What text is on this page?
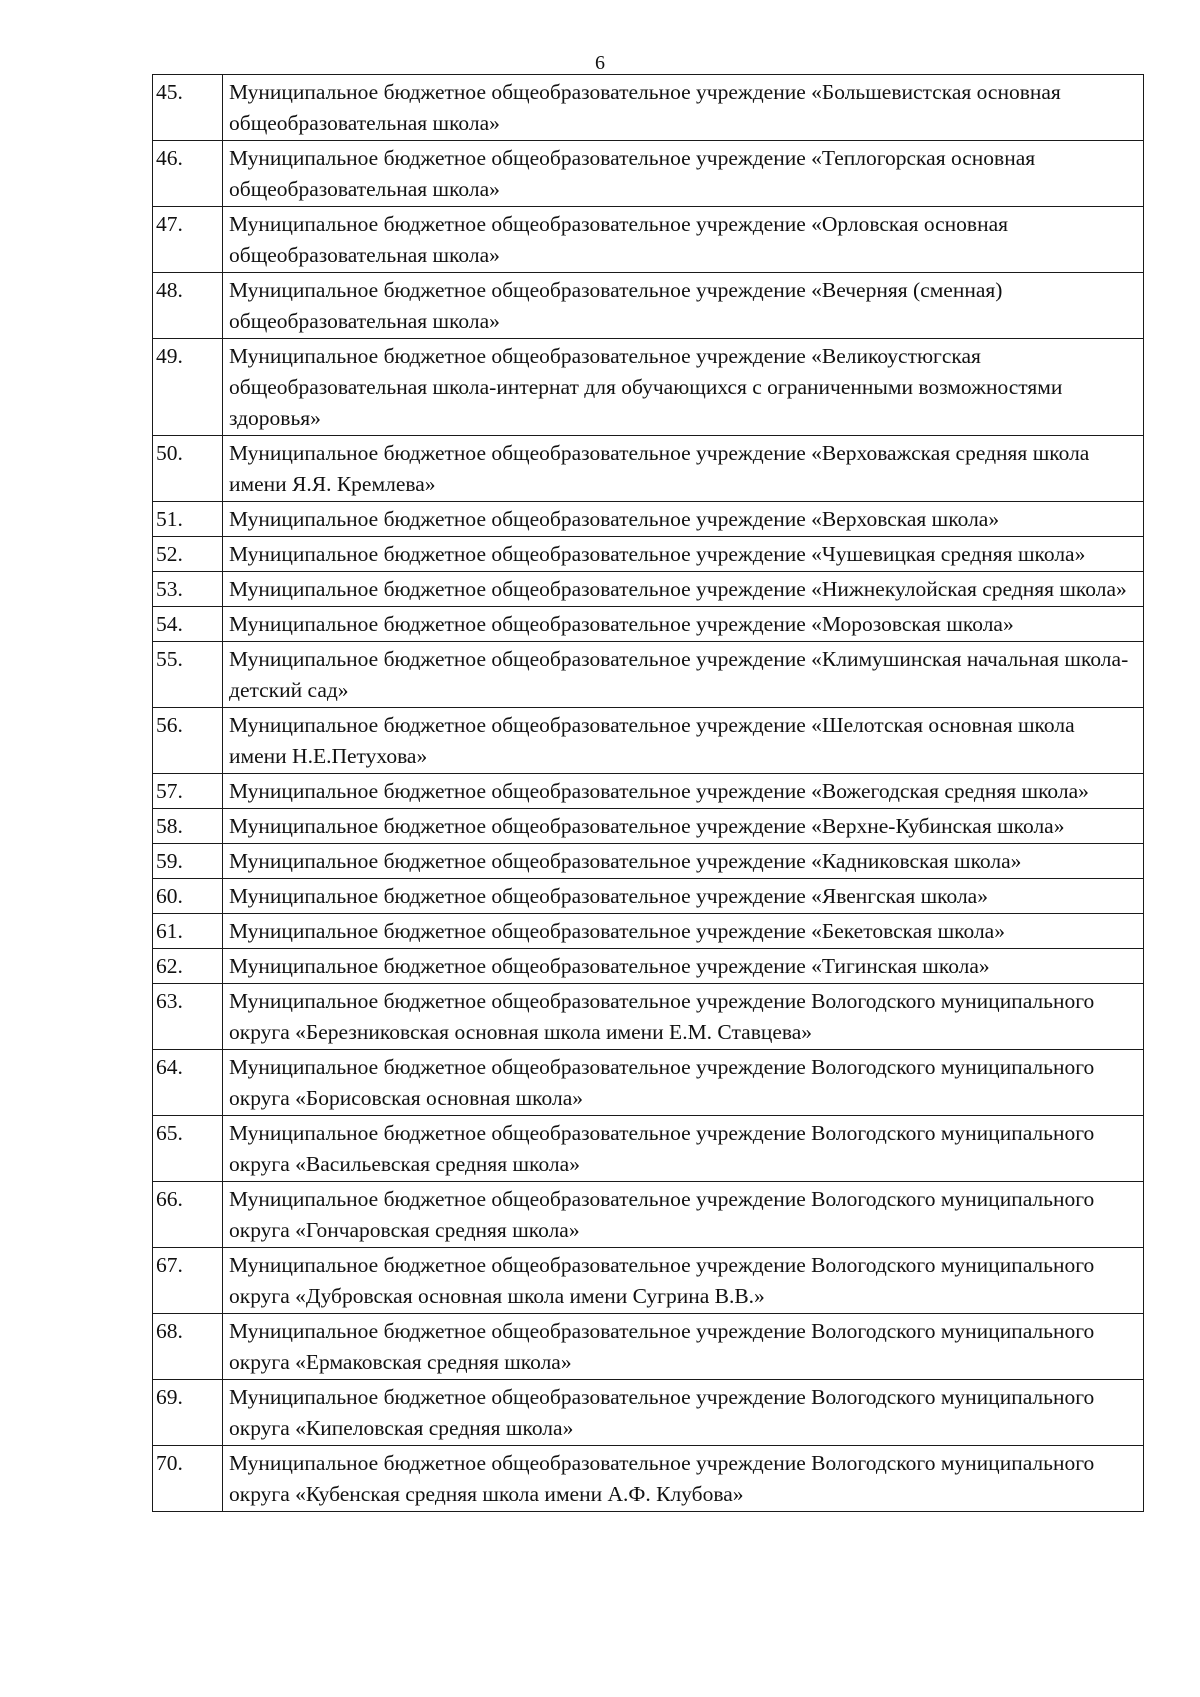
6
45.	Муниципальное бюджетное общеобразовательное учреждение «Большевистская основная общеобразовательная школа»
46.	Муниципальное бюджетное общеобразовательное учреждение «Теплогорская основная общеобразовательная школа»
47.	Муниципальное бюджетное общеобразовательное учреждение «Орловская основная общеобразовательная школа»
48.	Муниципальное бюджетное общеобразовательное учреждение «Вечерняя (сменная) общеобразовательная школа»
49.	Муниципальное бюджетное общеобразовательное учреждение «Великоустюгская общеобразовательная школа-интернат для обучающихся с ограниченными возможностями здоровья»
50.	Муниципальное бюджетное общеобразовательное учреждение «Верховажская средняя школа имени Я.Я. Кремлева»
51.	Муниципальное бюджетное общеобразовательное учреждение «Верховская школа»
52.	Муниципальное бюджетное общеобразовательное учреждение «Чушевицкая средняя школа»
53.	Муниципальное бюджетное общеобразовательное учреждение «Нижнекулойская средняя школа»
54.	Муниципальное бюджетное общеобразовательное учреждение «Морозовская школа»
55.	Муниципальное бюджетное общеобразовательное учреждение «Климушинская начальная школа-детский сад»
56.	Муниципальное бюджетное общеобразовательное учреждение «Шелотская основная школа имени Н.Е.Петухова»
57.	Муниципальное бюджетное общеобразовательное учреждение «Вожегодская средняя школа»
58.	Муниципальное бюджетное общеобразовательное учреждение «Верхне-Кубинская школа»
59.	Муниципальное бюджетное общеобразовательное учреждение «Кадниковская школа»
60.	Муниципальное бюджетное общеобразовательное учреждение «Явенгская школа»
61.	Муниципальное бюджетное общеобразовательное учреждение «Бекетовская школа»
62.	Муниципальное бюджетное общеобразовательное учреждение «Тигинская школа»
63.	Муниципальное бюджетное общеобразовательное учреждение Вологодского муниципального округа «Березниковская основная школа имени Е.М. Ставцева»
64.	Муниципальное бюджетное общеобразовательное учреждение Вологодского муниципального округа «Борисовская основная школа»
65.	Муниципальное бюджетное общеобразовательное учреждение Вологодского муниципального округа «Васильевская средняя школа»
66.	Муниципальное бюджетное общеобразовательное учреждение Вологодского муниципального округа «Гончаровская средняя школа»
67.	Муниципальное бюджетное общеобразовательное учреждение Вологодского муниципального округа «Дубровская основная школа имени Сугрина В.В.»
68.	Муниципальное бюджетное общеобразовательное учреждение Вологодского муниципального округа «Ермаковская средняя школа»
69.	Муниципальное бюджетное общеобразовательное учреждение Вологодского муниципального округа «Кипеловская средняя школа»
70.	Муниципальное бюджетное общеобразовательное учреждение Вологодского муниципального округа «Кубенская средняя школа имени А.Ф. Клубова»
